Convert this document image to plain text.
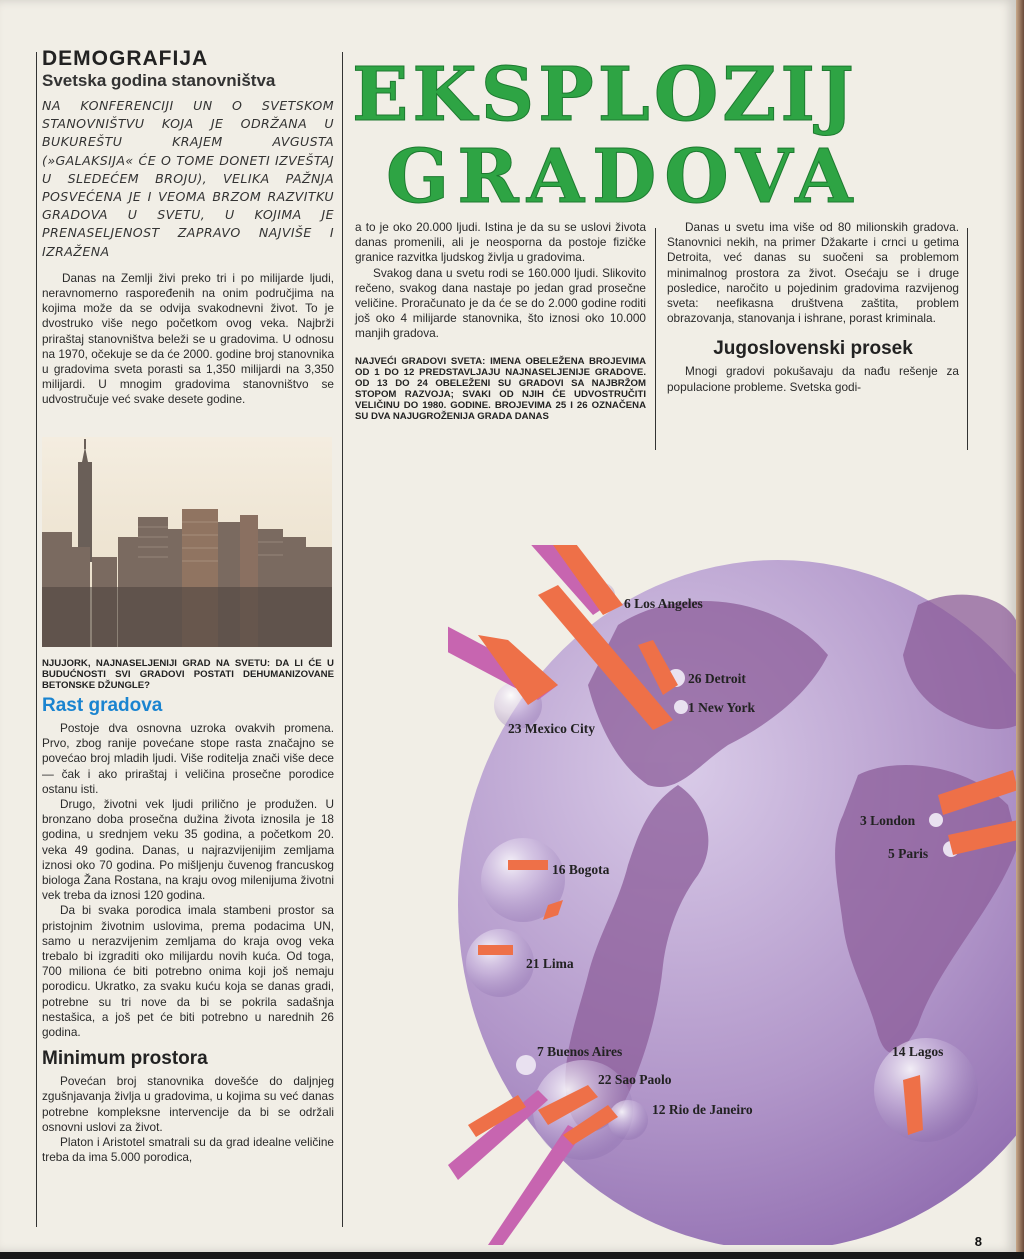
DEMOGRAFIJA
Svetska godina stanovništva

NA KONFERENCIJI UN O SVETSKOM STANOVNIŠTVU KOJA JE ODRŽANA U BUKUREŠTU KRAJEM AVGUSTA (»GALAKSIJA« ĆE O TOME DONETI IZVEŠTAJ U SLEDEĆEM BROJU), VELIKA PAŽNJA POSVEĆENA JE I VEOMA BRZOM RAZVITKU GRADOVA U SVETU, U KOJIMA JE PRENASELJENOST ZAPRAVO NAJVIŠE I IZRAŽENA

Danas na Zemlji živi preko tri i po milijarde ljudi, neravnomerno raspoređenih na onim područjima na kojima može da se odvija svakodnevni život. To je dvostruko više nego početkom ovog veka. Najbrži priraštaj stanovništva beleži se u gradovima. U odnosu na 1970, očekuje se da će 2000. godine broj stanovnika u gradovima sveta porasti sa 1,350 milijardi na 3,350 milijardi. U mnogim gradovima stanovništvo se udvostručuje već svake desete godine.

NJUJORK, NAJNASELJENIJI GRAD NA SVETU: DA LI ĆE U BUDUĆNOSTI SVI GRADOVI POSTATI DEHUMANIZOVANE BETONSKE DŽUNGLE?
Rast gradova

Postoje dva osnovna uzroka ovakvih promena. Prvo, zbog ranije povećane stope rasta značajno se povećao broj mladih ljudi. Više roditelja znači više dece — čak i ako priraštaj i veličina prosečne porodice ostanu isti.

Drugo, životni vek ljudi prilično je produžen. U bronzano doba prosečna dužina života iznosila je 18 godina, u srednjem veku 35 godina, a početkom 20. veka 49 godina. Danas, u najrazvijenijim zemljama iznosi oko 70 godina. Po mišljenju čuvenog francuskog biologa Žana Rostana, na kraju ovog milenijuma životni vek treba da iznosi 120 godina.

Da bi svaka porodica imala stambeni prostor sa pristojnim životnim uslovima, prema podacima UN, samo u nerazvijenim zemljama do kraja ovog veka trebalo bi izgraditi oko milijardu novih kuća. Od toga, 700 miliona će biti potrebno onima koji još nemaju porodicu. Ukratko, za svaku kuću koja se danas gradi, potrebne su tri nove da bi se pokrila sadašnja nestašica, a još pet će biti potrebno u narednih 26 godina.

Minimum prostora

Povećan broj stanovnika dovešće do daljnjeg zgušnjavanja življa u gradovima, u kojima su već danas potrebne kompleksne intervencije da bi se održali osnovni uslovi za život.

Platon i Aristotel smatrali su da grad idealne veličine treba da ima 5.000 porodica,

EKSPLOZIJ
GRADOVA

a to je oko 20.000 ljudi. Istina je da su se uslovi života danas promenili, ali je neosporna da postoje fizičke granice razvitka ljudskog življa u gradovima.

Svakog dana u svetu rodi se 160.000 ljudi. Slikovito rečeno, svakog dana nastaje po jedan grad prosečne veličine. Proračunato je da će se do 2.000 godine roditi još oko 4 milijarde stanovnika, što iznosi oko 10.000 manjih gradova.

NAJVEĆI GRADOVI SVETA: IMENA OBELEŽENA BROJEVIMA OD 1 DO 12 PREDSTAVLJAJU NAJNASELJENIJE GRADOVE. OD 13 DO 24 OBELEŽENI SU GRADOVI SA NAJBRŽOM STOPOM RAZVOJA; SVAKI OD NJIH ĆE UDVOSTRUČITI VELIČINU DO 1980. GODINE. BROJEVIMA 25 I 26 OZNAČENA SU DVA NAJUGROŽENIJA GRADA DANAS

Danas u svetu ima više od 80 milionskih gradova. Stanovnici nekih, na primer Džakarte i crnci u getima Detroita, već danas su suočeni sa problemom minimalnog prostora za život. Osećaju se i druge posledice, naročito u pojedinim gradovima razvijenog sveta: neefikasna društvena zaštita, problem obrazovanja, stanovanja i ishrane, porast kriminala.

Jugoslovenski prosek

Mnogi gradovi pokušavaju da nađu rešenje za populacione probleme. Svetska godi-

6 Los Angeles
26 Detroit
1 New York
23 Mexico City
3 London
5 Paris
16 Bogota
21 Lima
7 Buenos Aires
22 Sao Paolo
12 Rio de Janeiro
14 Lagos
8
